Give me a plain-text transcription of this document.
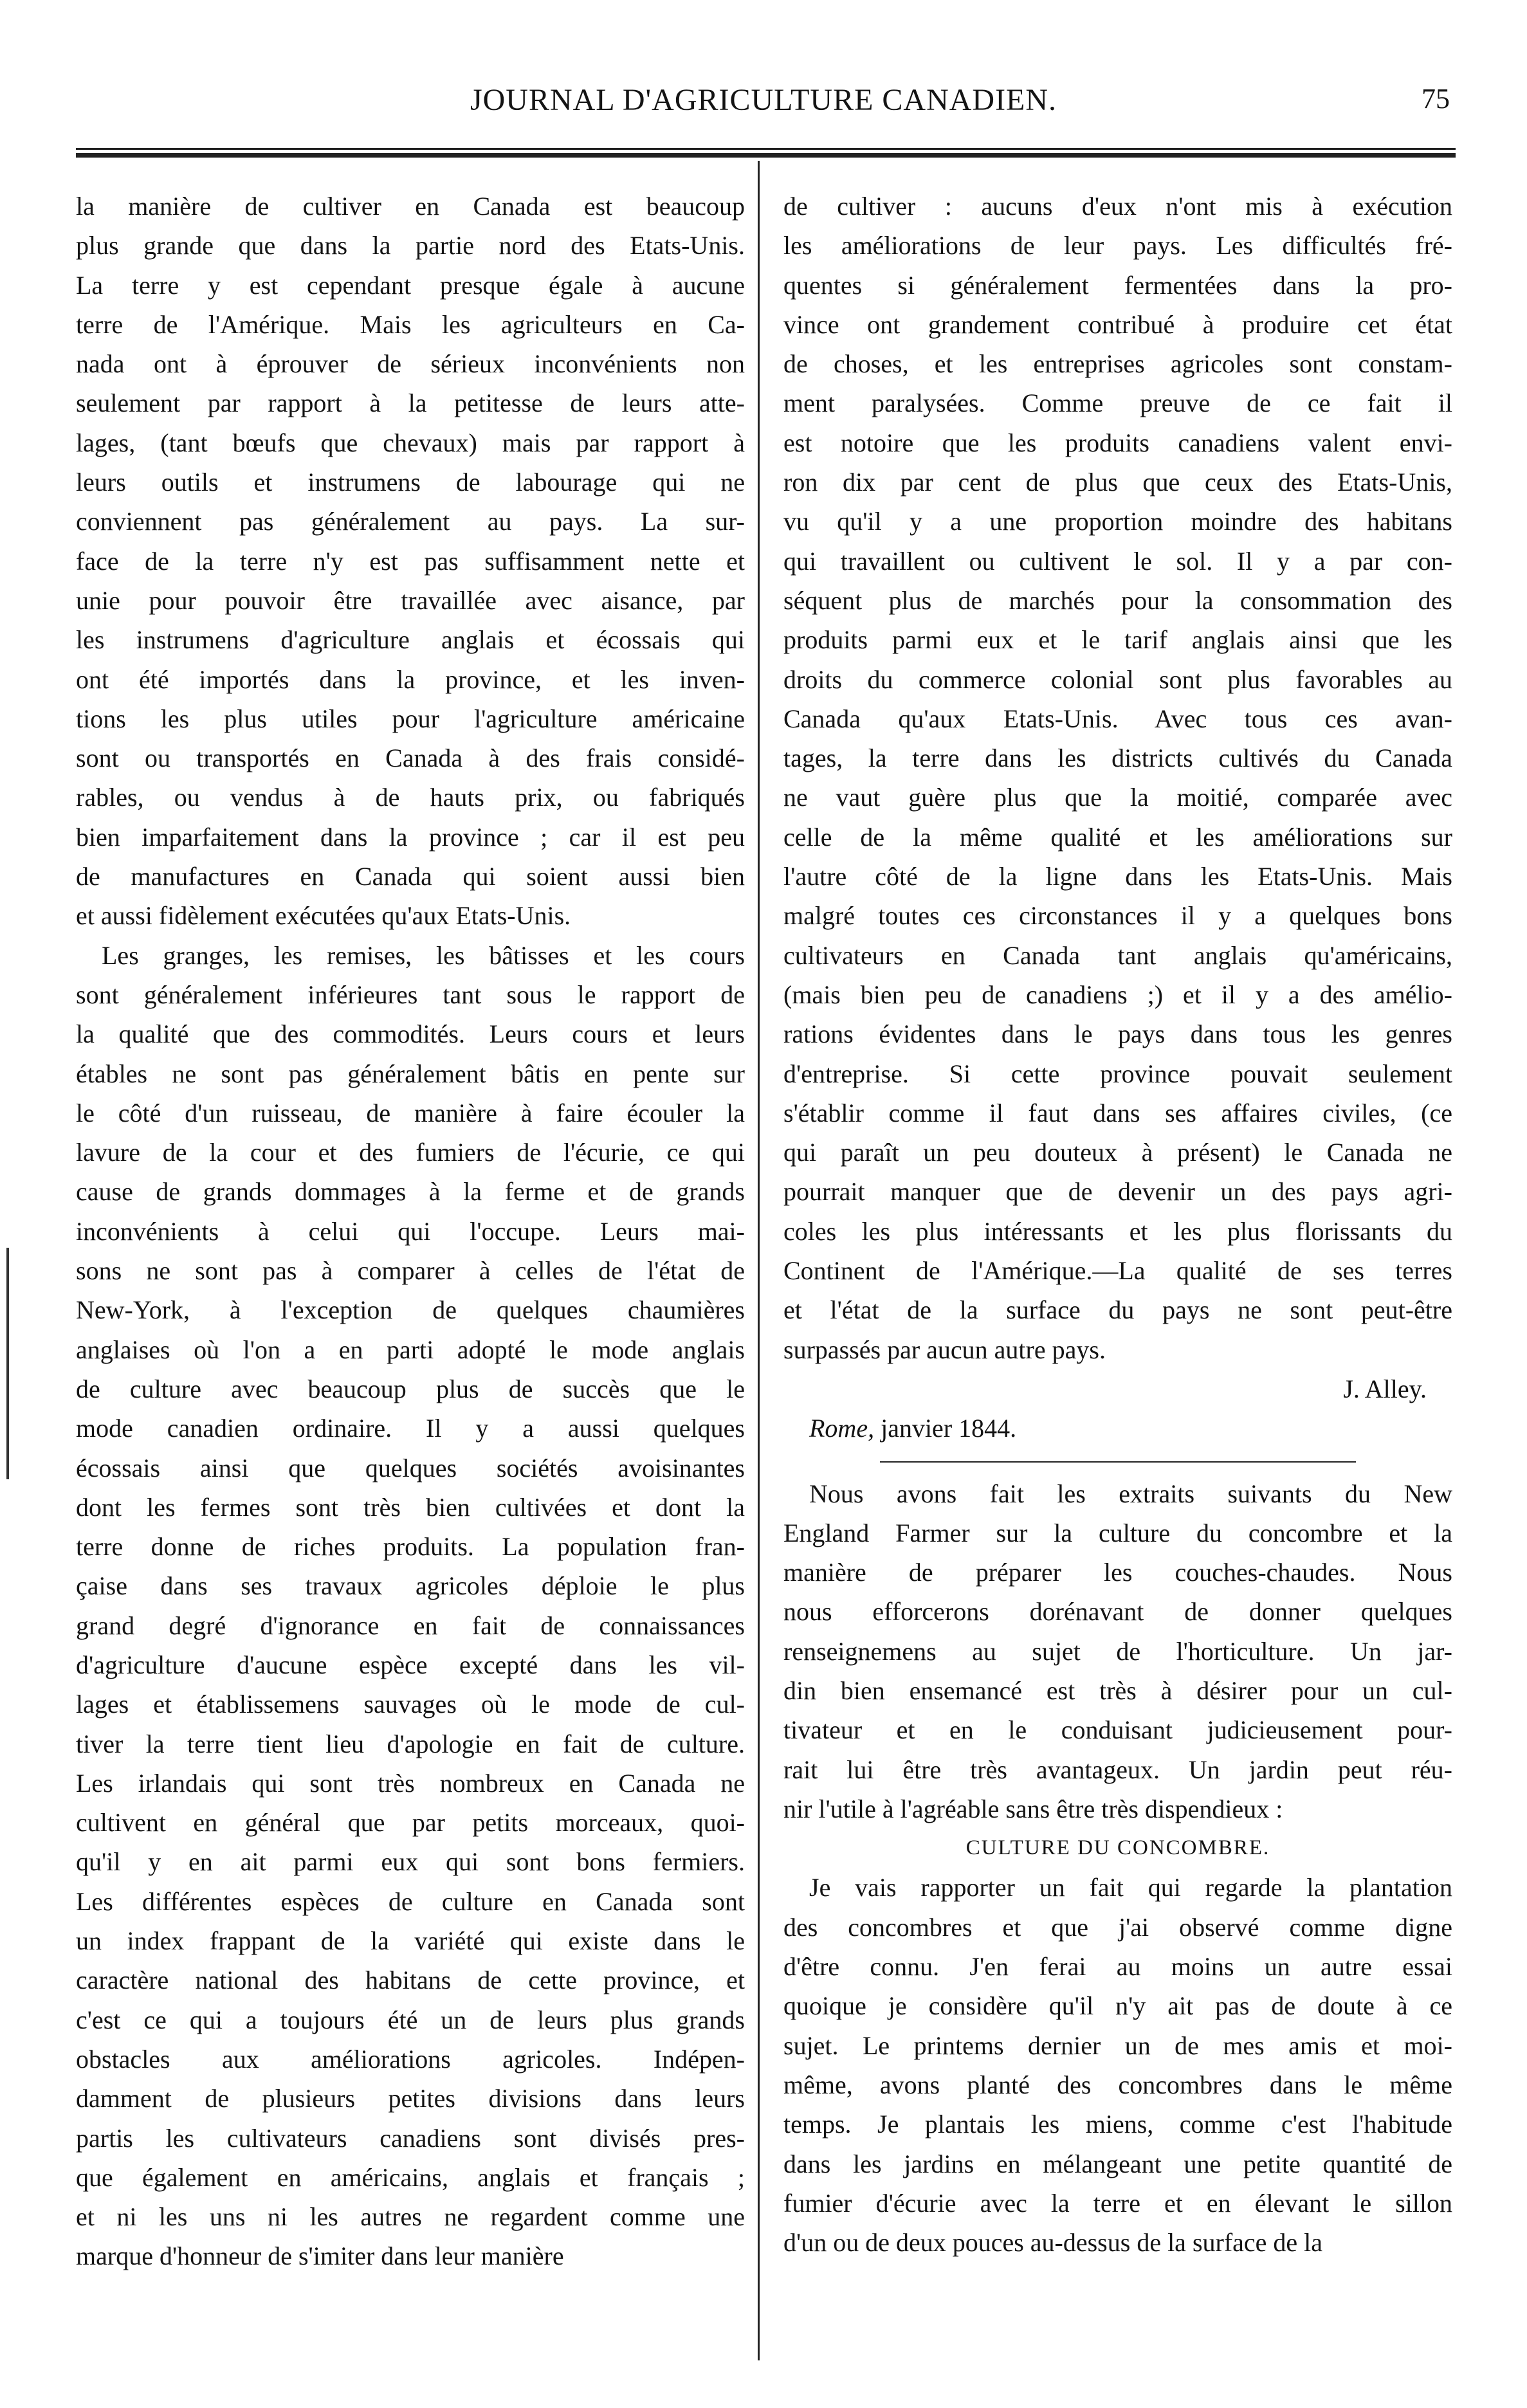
JOURNAL D'AGRICULTURE CANADIEN.	75
la manière de cultiver en Canada est beaucoup
plus grande que dans la partie nord des Etats-Unis.
La terre y est cependant presque égale à aucune
terre de l'Amérique. Mais les agriculteurs en Ca-
nada ont à éprouver de sérieux inconvénients non
seulement par rapport à la petitesse de leurs atte-
lages, (tant bœufs que chevaux) mais par rapport à
leurs outils et instrumens de labourage qui ne
conviennent pas généralement au pays. La sur-
face de la terre n'y est pas suffisamment nette et
unie pour pouvoir être travaillée avec aisance, par
les instrumens d'agriculture anglais et écossais qui
ont été importés dans la province, et les inven-
tions les plus utiles pour l'agriculture américaine
sont ou transportés en Canada à des frais considé-
rables, ou vendus à de hauts prix, ou fabriqués
bien imparfaitement dans la province ; car il est peu
de manufactures en Canada qui soient aussi bien
et aussi fidèlement exécutées qu'aux Etats-Unis.
Les granges, les remises, les bâtisses et les cours
sont généralement inférieures tant sous le rapport de
la qualité que des commodités. Leurs cours et leurs
étables ne sont pas généralement bâtis en pente sur
le côté d'un ruisseau, de manière à faire écouler la
lavure de la cour et des fumiers de l'écurie, ce qui
cause de grands dommages à la ferme et de grands
inconvénients à celui qui l'occupe. Leurs mai-
sons ne sont pas à comparer à celles de l'état de
New-York, à l'exception de quelques chaumières
anglaises où l'on a en parti adopté le mode anglais
de culture avec beaucoup plus de succès que le
mode canadien ordinaire. Il y a aussi quelques
écossais ainsi que quelques sociétés avoisinantes
dont les fermes sont très bien cultivées et dont la
terre donne de riches produits. La population fran-
çaise dans ses travaux agricoles déploie le plus
grand degré d'ignorance en fait de connaissances
d'agriculture d'aucune espèce excepté dans les vil-
lages et établissemens sauvages où le mode de cul-
tiver la terre tient lieu d'apologie en fait de culture.
Les irlandais qui sont très nombreux en Canada ne
cultivent en général que par petits morceaux, quoi-
qu'il y en ait parmi eux qui sont bons fermiers.
Les différentes espèces de culture en Canada sont
un index frappant de la variété qui existe dans le
caractère national des habitans de cette province, et
c'est ce qui a toujours été un de leurs plus grands
obstacles aux améliorations agricoles. Indépen-
damment de plusieurs petites divisions dans leurs
partis les cultivateurs canadiens sont divisés pres-
que également en américains, anglais et français ;
et ni les uns ni les autres ne regardent comme une
marque d'honneur de s'imiter dans leur manière
de cultiver : aucuns d'eux n'ont mis à exécution
les améliorations de leur pays. Les difficultés fré-
quentes si généralement fermentées dans la pro-
vince ont grandement contribué à produire cet état
de choses, et les entreprises agricoles sont constam-
ment paralysées. Comme preuve de ce fait il
est notoire que les produits canadiens valent envi-
ron dix par cent de plus que ceux des Etats-Unis,
vu qu'il y a une proportion moindre des habitans
qui travaillent ou cultivent le sol. Il y a par con-
séquent plus de marchés pour la consommation des
produits parmi eux et le tarif anglais ainsi que les
droits du commerce colonial sont plus favorables au
Canada qu'aux Etats-Unis. Avec tous ces avan-
tages, la terre dans les districts cultivés du Canada
ne vaut guère plus que la moitié, comparée avec
celle de la même qualité et les améliorations sur
l'autre côté de la ligne dans les Etats-Unis. Mais
malgré toutes ces circonstances il y a quelques bons
cultivateurs en Canada tant anglais qu'américains,
(mais bien peu de canadiens ;) et il y a des amélio-
rations évidentes dans le pays dans tous les genres
d'entreprise. Si cette province pouvait seulement
s'établir comme il faut dans ses affaires civiles, (ce
qui paraît un peu douteux à présent) le Canada ne
pourrait manquer que de devenir un des pays agri-
coles les plus intéressants et les plus florissants du
Continent de l'Amérique.—La qualité de ses terres
et l'état de la surface du pays ne sont peut-être
surpassés par aucun autre pays.
J. Alley.
Rome, janvier 1844.
Nous avons fait les extraits suivants du New
England Farmer sur la culture du concombre et la
manière de préparer les couches-chaudes. Nous
nous efforcerons dorénavant de donner quelques
renseignemens au sujet de l'horticulture. Un jar-
din bien ensemancé est très à désirer pour un cul-
tivateur et en le conduisant judicieusement pour-
rait lui être très avantageux. Un jardin peut réu-
nir l'utile à l'agréable sans être très dispendieux :
CULTURE DU CONCOMBRE.
Je vais rapporter un fait qui regarde la plantation
des concombres et que j'ai observé comme digne
d'être connu. J'en ferai au moins un autre essai
quoique je considère qu'il n'y ait pas de doute à ce
sujet. Le printems dernier un de mes amis et moi-
même, avons planté des concombres dans le même
temps. Je plantais les miens, comme c'est l'habitude
dans les jardins en mélangeant une petite quantité de
fumier d'écurie avec la terre et en élevant le sillon
d'un ou de deux pouces au-dessus de la surface de la
